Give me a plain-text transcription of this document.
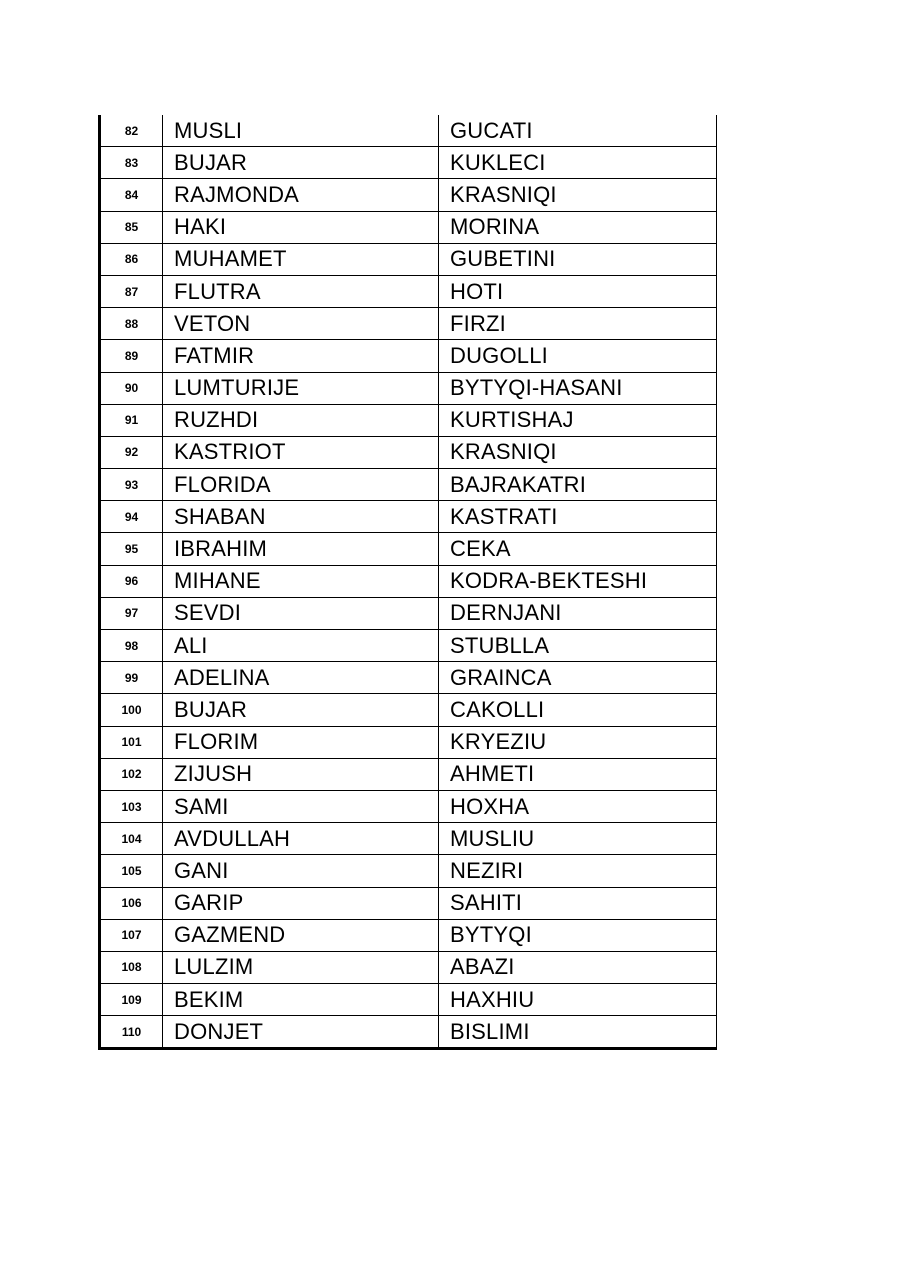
82	MUSLI	GUCATI
83	BUJAR	KUKLECI
84	RAJMONDA	KRASNIQI
85	HAKI	MORINA
86	MUHAMET	GUBETINI
87	FLUTRA	HOTI
88	VETON	FIRZI
89	FATMIR	DUGOLLI
90	LUMTURIJE	BYTYQI-HASANI
91	RUZHDI	KURTISHAJ
92	KASTRIOT	KRASNIQI
93	FLORIDA	BAJRAKATRI
94	SHABAN	KASTRATI
95	IBRAHIM	CEKA
96	MIHANE	KODRA-BEKTESHI
97	SEVDI	DERNJANI
98	ALI	STUBLLA
99	ADELINA	GRAINCA
100	BUJAR	CAKOLLI
101	FLORIM	KRYEZIU
102	ZIJUSH	AHMETI
103	SAMI	HOXHA
104	AVDULLAH	MUSLIU
105	GANI	NEZIRI
106	GARIP	SAHITI
107	GAZMEND	BYTYQI
108	LULZIM	ABAZI
109	BEKIM	HAXHIU
110	DONJET	BISLIMI
